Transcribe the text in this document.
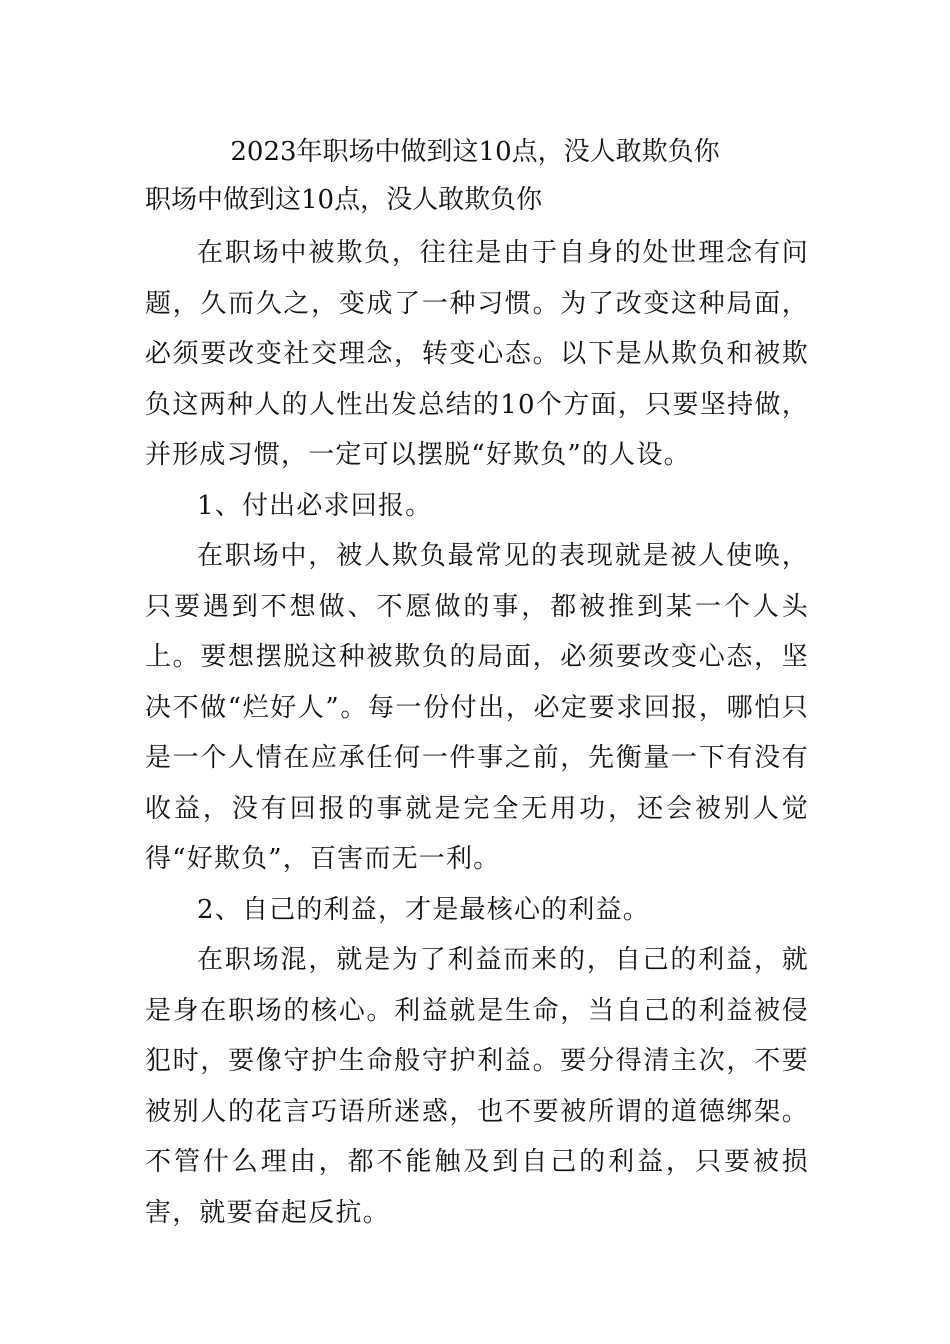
2023年职场中做到这10点，没人敢欺负你
职场中做到这10点，没人敢欺负你

在职场中被欺负，往往是由于自身的处世理念有问题，久而久之，变成了一种习惯。为了改变这种局面，必须要改变社交理念，转变心态。以下是从欺负和被欺负这两种人的人性出发总结的10个方面，只要坚持做，并形成习惯，一定可以摆脱“好欺负”的人设。

1、付出必求回报。

在职场中，被人欺负最常见的表现就是被人使唤，只要遇到不想做、不愿做的事，都被推到某一个人头上。要想摆脱这种被欺负的局面，必须要改变心态，坚决不做“烂好人”。每一份付出，必定要求回报，哪怕只是一个人情在应承任何一件事之前，先衡量一下有没有收益，没有回报的事就是完全无用功，还会被别人觉得“好欺负”，百害而无一利。

2、自己的利益，才是最核心的利益。

在职场混，就是为了利益而来的，自己的利益，就是身在职场的核心。利益就是生命，当自己的利益被侵犯时，要像守护生命般守护利益。要分得清主次，不要被别人的花言巧语所迷惑，也不要被所谓的道德绑架。不管什么理由，都不能触及到自己的利益，只要被损害，就要奋起反抗。
